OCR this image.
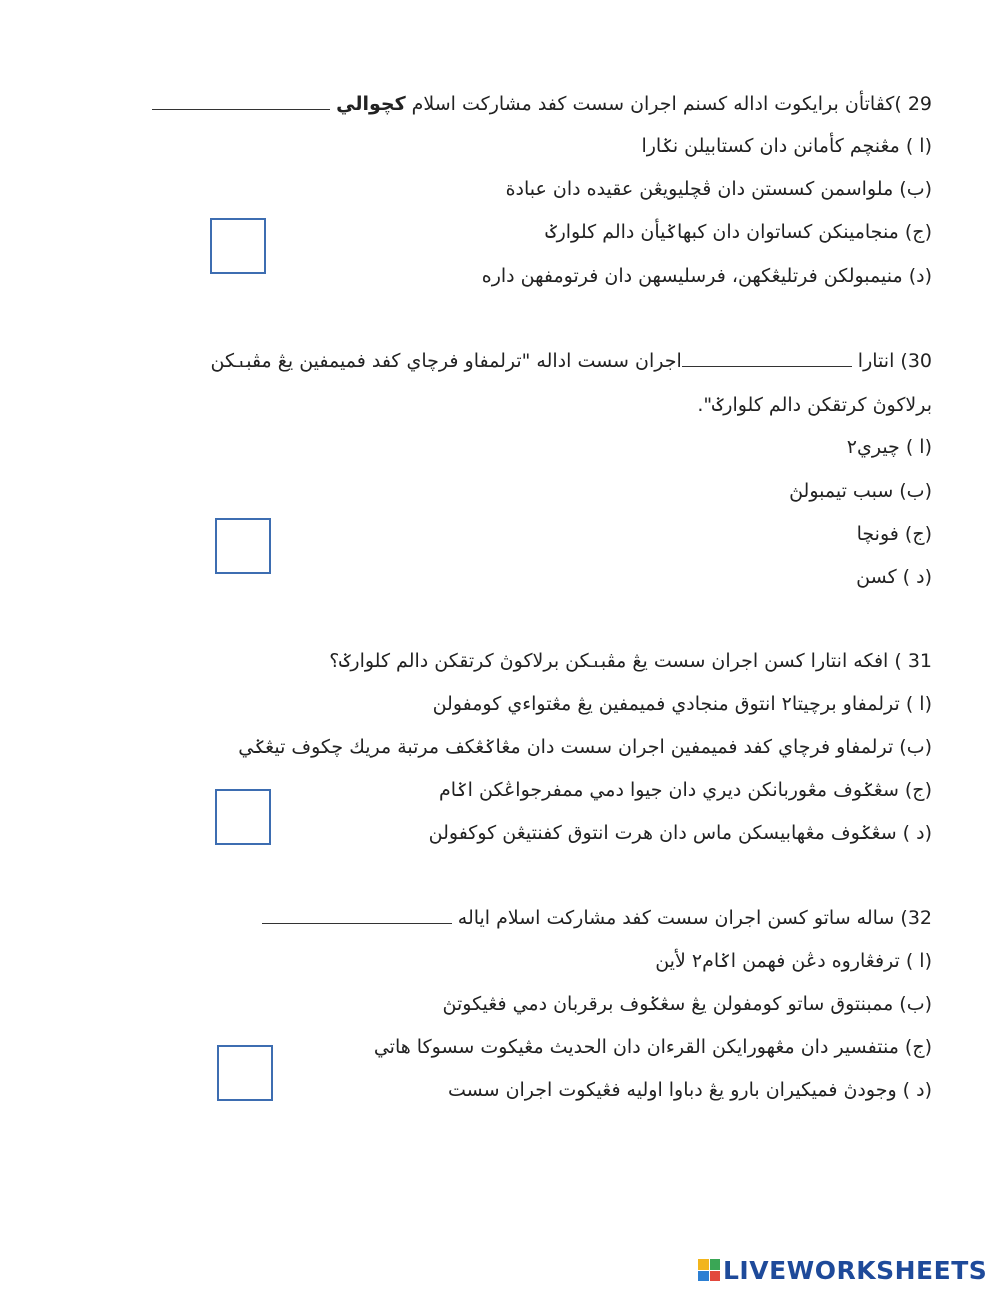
29 )كڤاتأن برايكوت اداله كسنم اجران سست كفد مشاركت اسلام كچوالي
(ا ) مڠنچم كأمانن دان كستابيلن نݢارا
(ب) ملواسمن كسستن دان ڤچليويڠن عقيده دان عبادة
(ج) منجامينكن كساتوان دان كبهاݢيأن دالم كلوارݢ
(د) منيمبولكن فرتليڠكهن، فرسليسهن دان فرتومفهن داره
30) انتارا اجران سست اداله "ترلمفاو فرچاي كفد فميمفين يڠ مڤبܢكن
برلاكوڽ كرتقكن دالم كلوارݢ".
(ا ) چيري٢
(ب) سبب تيمبولڽ
(ج) فونچا
(د ) كسن
31 ) افكه انتارا كسن اجران سست يڠ مڤبܢكن برلاكوڽ كرتقكن دالم كلوارݢ؟
(ا ) ترلمفاو برچيتا٢ انتوق منجادي فميمفين يڠ مڠتواءي كومفولن
(ب) ترلمفاو فرچاي كفد فميمفين اجران سست دان مڠاݢڠكف مرتبة مريك چكوف تيڠݢي
(ج) سڠݢوف مڠوربانكن ديري دان جيوا دمي ممفرجواڠكن اݢام
(د ) سڠݢوف مڠهابيسكن ماس دان هرت انتوق كفنتيڠن كوكفولن
32) ساله ساتو كسن اجران سست كفد مشاركت اسلام اياله
(ا ) ترفڠاروه دڠن فهمن اݢام٢ لأين
(ب) ممبنتوق ساتو كومفولن يڠ سڠݢوف برقربان دمي فڠيكوتڽ
(ج) منتفسير دان مڠهورايكن القرءان دان الحديث مڠيكوت سسوكا هاتي
(د ) وجودڽ فميكيران بارو يڠ دباوا اوليه فڠيكوت اجران سست
LIVEWORKSHEETS
